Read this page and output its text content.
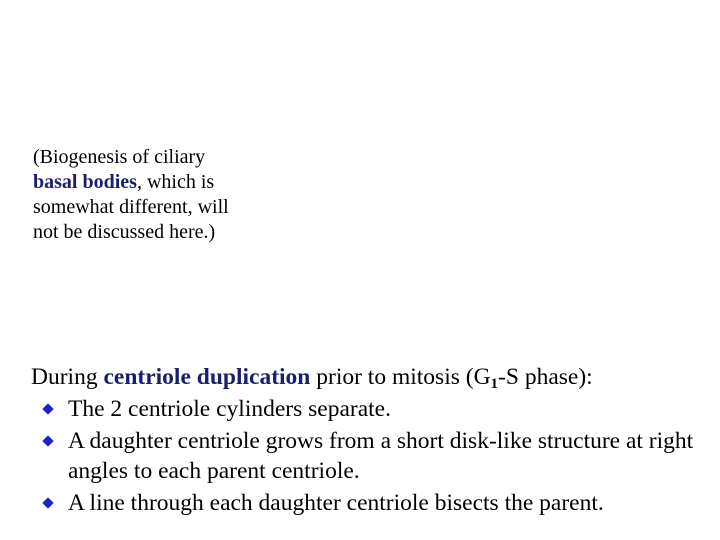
(Biogenesis of ciliary basal bodies, which is somewhat different, will not be discussed here.)
During centriole duplication prior to mitosis ($G_1-S$ phase):
The 2 centriole cylinders separate.
A daughter centriole grows from a short disk-like structure at right angles to each parent centriole.
A line through each daughter centriole bisects the parent.
